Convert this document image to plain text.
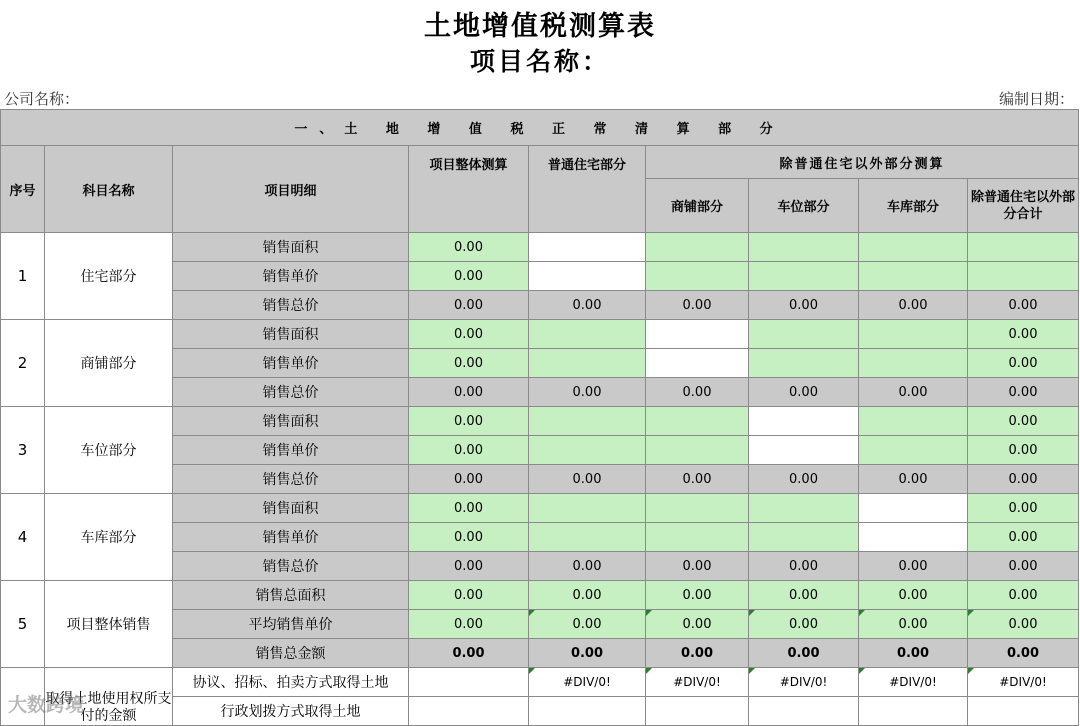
土地增值税测算表
项目名称：
公司名称：	编制日期：
一、土 地 增 值 税 正 常 清 算 部 分								
序号	科目名称	项目明细	项目整体测算	普通住宅部分	除普通住宅以外部分测算			
					商铺部分	车位部分	车库部分	除普通住宅以外部分合计
1	住宅部分	销售面积	0.00					
		销售单价	0.00					
		销售总价	0.00	0.00	0.00	0.00	0.00	0.00
2	商铺部分	销售面积	0.00					0.00
		销售单价	0.00					0.00
		销售总价	0.00	0.00	0.00	0.00	0.00	0.00
3	车位部分	销售面积	0.00					0.00
		销售单价	0.00					0.00
		销售总价	0.00	0.00	0.00	0.00	0.00	0.00
4	车库部分	销售面积	0.00					0.00
		销售单价	0.00					0.00
		销售总价	0.00	0.00	0.00	0.00	0.00	0.00
5	项目整体销售	销售总面积	0.00	0.00	0.00	0.00	0.00	0.00
		平均销售单价	0.00	0.00	0.00	0.00	0.00	0.00
		销售总金额	0.00	0.00	0.00	0.00	0.00	0.00
	取得土地使用权所支付的金额	协议、招标、拍卖方式取得土地		#DIV/0!	#DIV/0!	#DIV/0!	#DIV/0!	#DIV/0!
		行政划拨方式取得土地						
大数跨境
